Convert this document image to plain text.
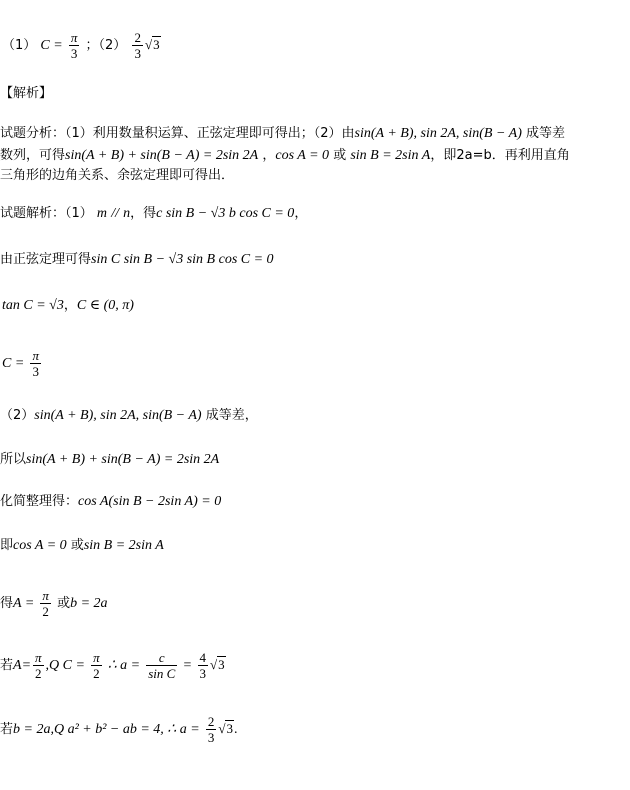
（1） $C = \frac{\pi}{3}$ ；$(2) \frac{2}{3} √3$
【解析】
试题分析：（1）利用数量积运算、正弦定理即可得出；（2）由sin(A + B), sin 2A, sin(B − A) 成等差
数列，可得sin(A + B) + sin(B − A) = 2sin 2A ，cos A = 0 或 sin B = 2sin A，即2a=b．再利用直角
三角形的边角关系、余弦定理即可得出．
试题解析：（1） m // n，得c sin B − √3 b cos C = 0，
由正弦定理可得sin C sin B − √3 sin B cos C = 0
tan C = √3，C ∈ (0, π)
$C = \frac{\pi}{3}$
（2）sin(A + B), sin 2A, sin(B − A) 成等差，
所以sin(A + B) + sin(B − A) = 2sin 2A
化简整理得：cos A(sin B − 2sin A) = 0
即cos A = 0 或sin B = 2sin A
得$A = \frac{\pi}{2}$ 或b = 2a
若$A= \frac{\pi}{2} ,Q$ $C = \frac{\pi}{2}$ ∴ $a = \frac{c}{\text{sin C}} = \frac{4}{3} √3$
若b = 2a,Q a² + b² − ab = 4, ∴ $a = \frac{2}{3} √3$.
